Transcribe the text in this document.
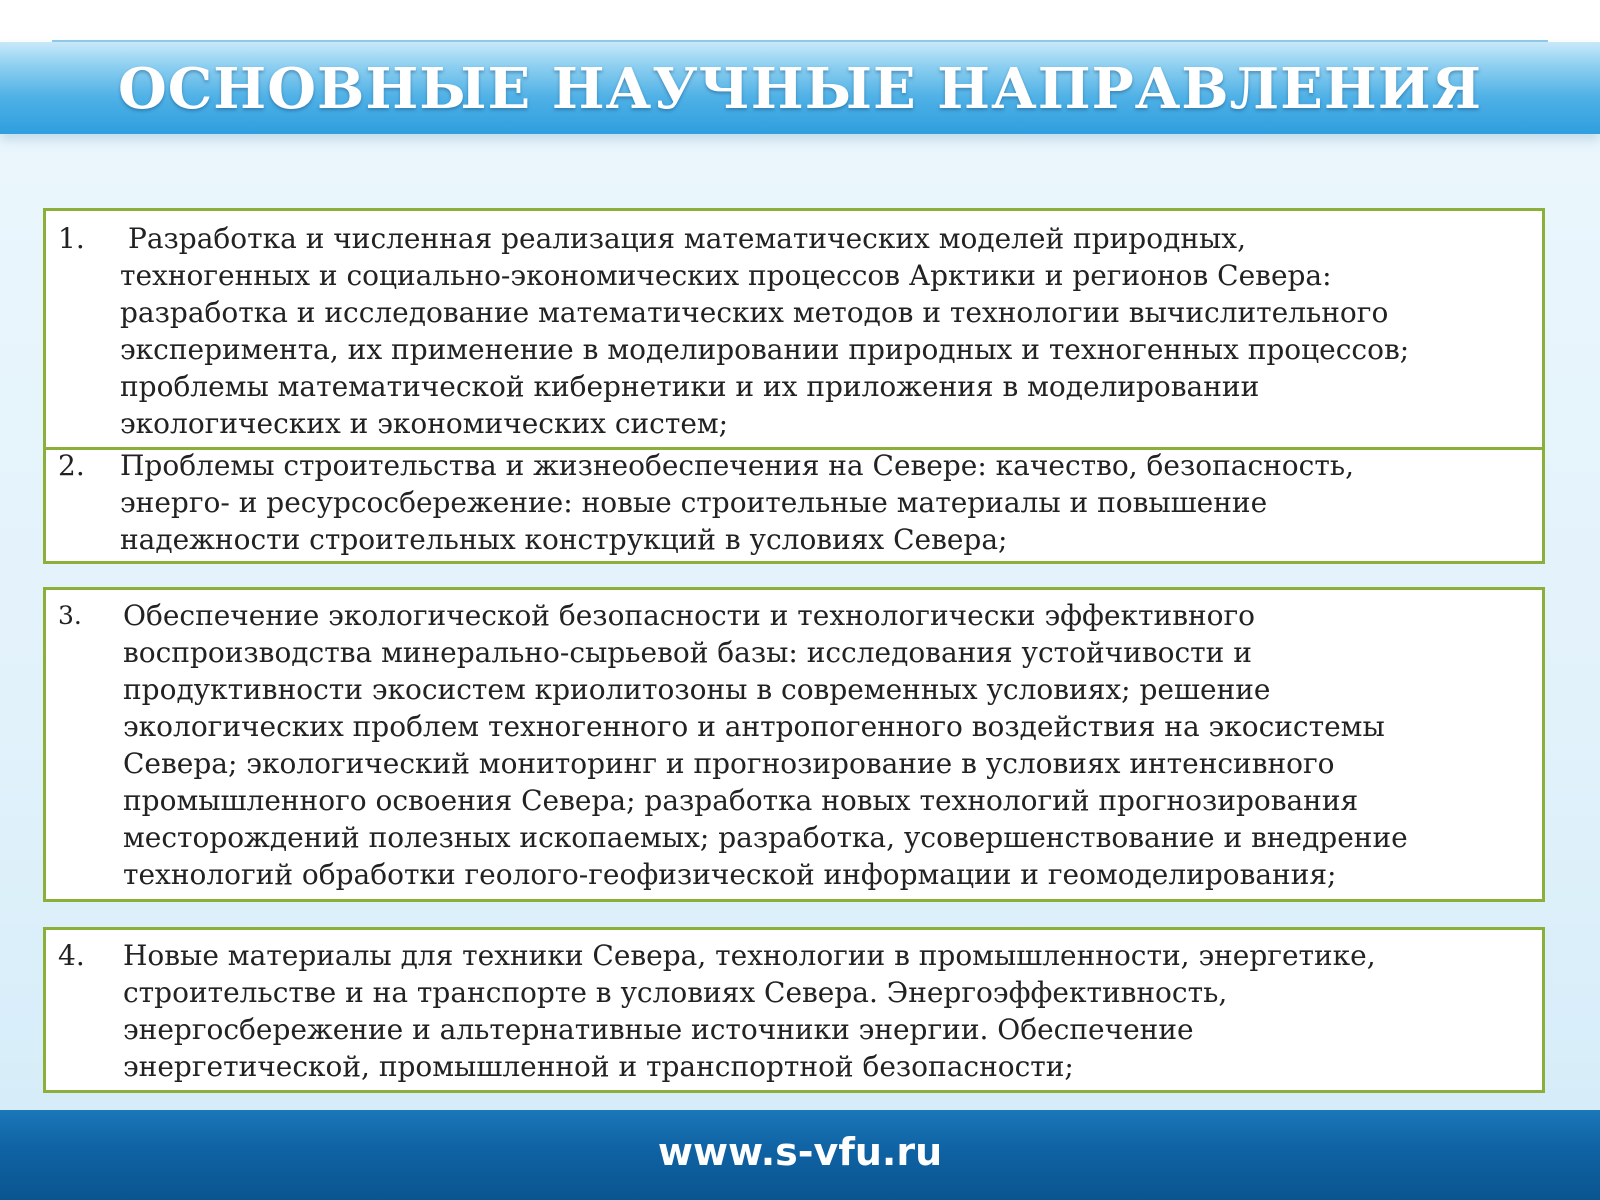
ОСНОВНЫЕ НАУЧНЫЕ НАПРАВЛЕНИЯ
1. Разработка и численная реализация математических моделей природных,
техногенных и социально-экономических процессов Арктики и регионов Севера:
разработка и исследование математических методов и технологии вычислительного
эксперимента, их применение в моделировании природных и техногенных процессов;
проблемы математической кибернетики и их приложения в моделировании
экологических и экономических систем;
2. Проблемы строительства и жизнеобеспечения на Севере: качество, безопасность,
энерго- и ресурсосбережение: новые строительные материалы и повышение
надежности строительных конструкций в условиях Севера;
3. Обеспечение экологической безопасности и технологически эффективного
воспроизводства минерально-сырьевой базы: исследования устойчивости и
продуктивности экосистем криолитозоны в современных условиях; решение
экологических проблем техногенного и антропогенного воздействия на экосистемы
Севера; экологический мониторинг и прогнозирование в условиях интенсивного
промышленного освоения Севера; разработка новых технологий прогнозирования
месторождений полезных ископаемых; разработка, усовершенствование и внедрение
технологий обработки геолого-геофизической информации и геомоделирования;
4. Новые материалы для техники Севера, технологии в промышленности, энергетике,
строительстве и на транспорте в условиях Севера. Энергоэффективность,
энергосбережение и альтернативные источники энергии. Обеспечение
энергетической, промышленной и транспортной безопасности;
www.s-vfu.ru
